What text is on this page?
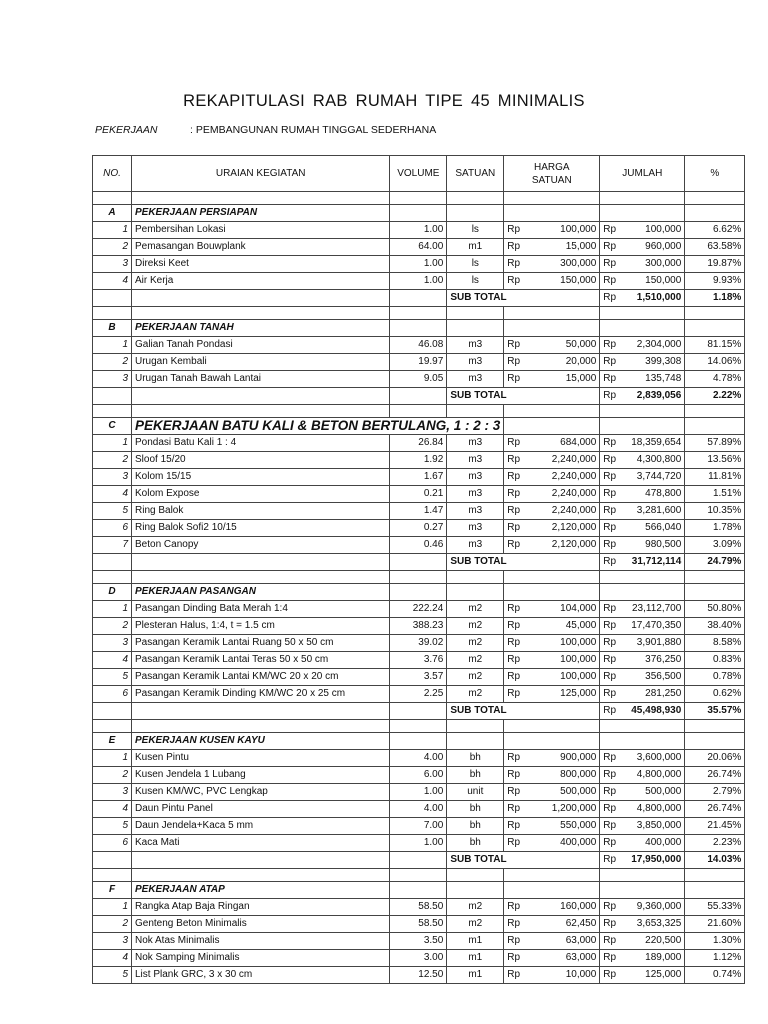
REKAPITULASI RAB RUMAH TIPE 45 MINIMALIS
PEKERJAAN	: PEMBANGUNAN RUMAH TINGGAL SEDERHANA
NO.	URAIAN KEGIATAN	VOLUME	SATUAN	HARGA SATUAN		JUMLAH		%

A	PEKERJAAN PERSIAPAN							
1	Pembersihan Lokasi	1.00	ls	Rp	100,000	Rp	100,000	6.62%
2	Pemasangan Bouwplank	64.00	m1	Rp	15,000	Rp	960,000	63.58%
3	Direksi Keet	1.00	ls	Rp	300,000	Rp	300,000	19.87%
4	Air Kerja	1.00	ls	Rp	150,000	Rp	150,000	9.93%
			SUB TOTAL			Rp	1,510,000	1.18%

B	PEKERJAAN TANAH							
1	Galian Tanah Pondasi	46.08	m3	Rp	50,000	Rp	2,304,000	81.15%
2	Urugan Kembali	19.97	m3	Rp	20,000	Rp	399,308	14.06%
3	Urugan Tanah Bawah Lantai	9.05	m3	Rp	15,000	Rp	135,748	4.78%
			SUB TOTAL			Rp	2,839,056	2.22%

C	PEKERJAAN BATU KALI & BETON BERTULANG, 1 : 2 : 3							
1	Pondasi Batu Kali 1 : 4	26.84	m3	Rp	684,000	Rp	18,359,654	57.89%
2	Sloof 15/20	1.92	m3	Rp	2,240,000	Rp	4,300,800	13.56%
3	Kolom 15/15	1.67	m3	Rp	2,240,000	Rp	3,744,720	11.81%
4	Kolom Expose	0.21	m3	Rp	2,240,000	Rp	478,800	1.51%
5	Ring Balok	1.47	m3	Rp	2,240,000	Rp	3,281,600	10.35%
6	Ring Balok Sofi2 10/15	0.27	m3	Rp	2,120,000	Rp	566,040	1.78%
7	Beton Canopy	0.46	m3	Rp	2,120,000	Rp	980,500	3.09%
			SUB TOTAL			Rp	31,712,114	24.79%

D	PEKERJAAN PASANGAN							
1	Pasangan Dinding Bata Merah 1:4	222.24	m2	Rp	104,000	Rp	23,112,700	50.80%
2	Plesteran Halus, 1:4, t = 1.5 cm	388.23	m2	Rp	45,000	Rp	17,470,350	38.40%
3	Pasangan Keramik Lantai Ruang 50 x 50 cm	39.02	m2	Rp	100,000	Rp	3,901,880	8.58%
4	Pasangan Keramik Lantai Teras 50 x 50 cm	3.76	m2	Rp	100,000	Rp	376,250	0.83%
5	Pasangan Keramik Lantai KM/WC 20 x 20 cm	3.57	m2	Rp	100,000	Rp	356,500	0.78%
6	Pasangan Keramik Dinding KM/WC 20 x 25 cm	2.25	m2	Rp	125,000	Rp	281,250	0.62%
			SUB TOTAL			Rp	45,498,930	35.57%

E	PEKERJAAN KUSEN KAYU							
1	Kusen Pintu	4.00	bh	Rp	900,000	Rp	3,600,000	20.06%
2	Kusen Jendela 1 Lubang	6.00	bh	Rp	800,000	Rp	4,800,000	26.74%
3	Kusen KM/WC, PVC Lengkap	1.00	unit	Rp	500,000	Rp	500,000	2.79%
4	Daun Pintu Panel	4.00	bh	Rp	1,200,000	Rp	4,800,000	26.74%
5	Daun Jendela+Kaca 5 mm	7.00	bh	Rp	550,000	Rp	3,850,000	21.45%
6	Kaca Mati	1.00	bh	Rp	400,000	Rp	400,000	2.23%
			SUB TOTAL			Rp	17,950,000	14.03%

F	PEKERJAAN ATAP							
1	Rangka Atap Baja Ringan	58.50	m2	Rp	160,000	Rp	9,360,000	55.33%
2	Genteng Beton Minimalis	58.50	m2	Rp	62,450	Rp	3,653,325	21.60%
3	Nok Atas Minimalis	3.50	m1	Rp	63,000	Rp	220,500	1.30%
4	Nok Samping Minimalis	3.00	m1	Rp	63,000	Rp	189,000	1.12%
5	List Plank GRC, 3 x 30 cm	12.50	m1	Rp	10,000	Rp	125,000	0.74%
